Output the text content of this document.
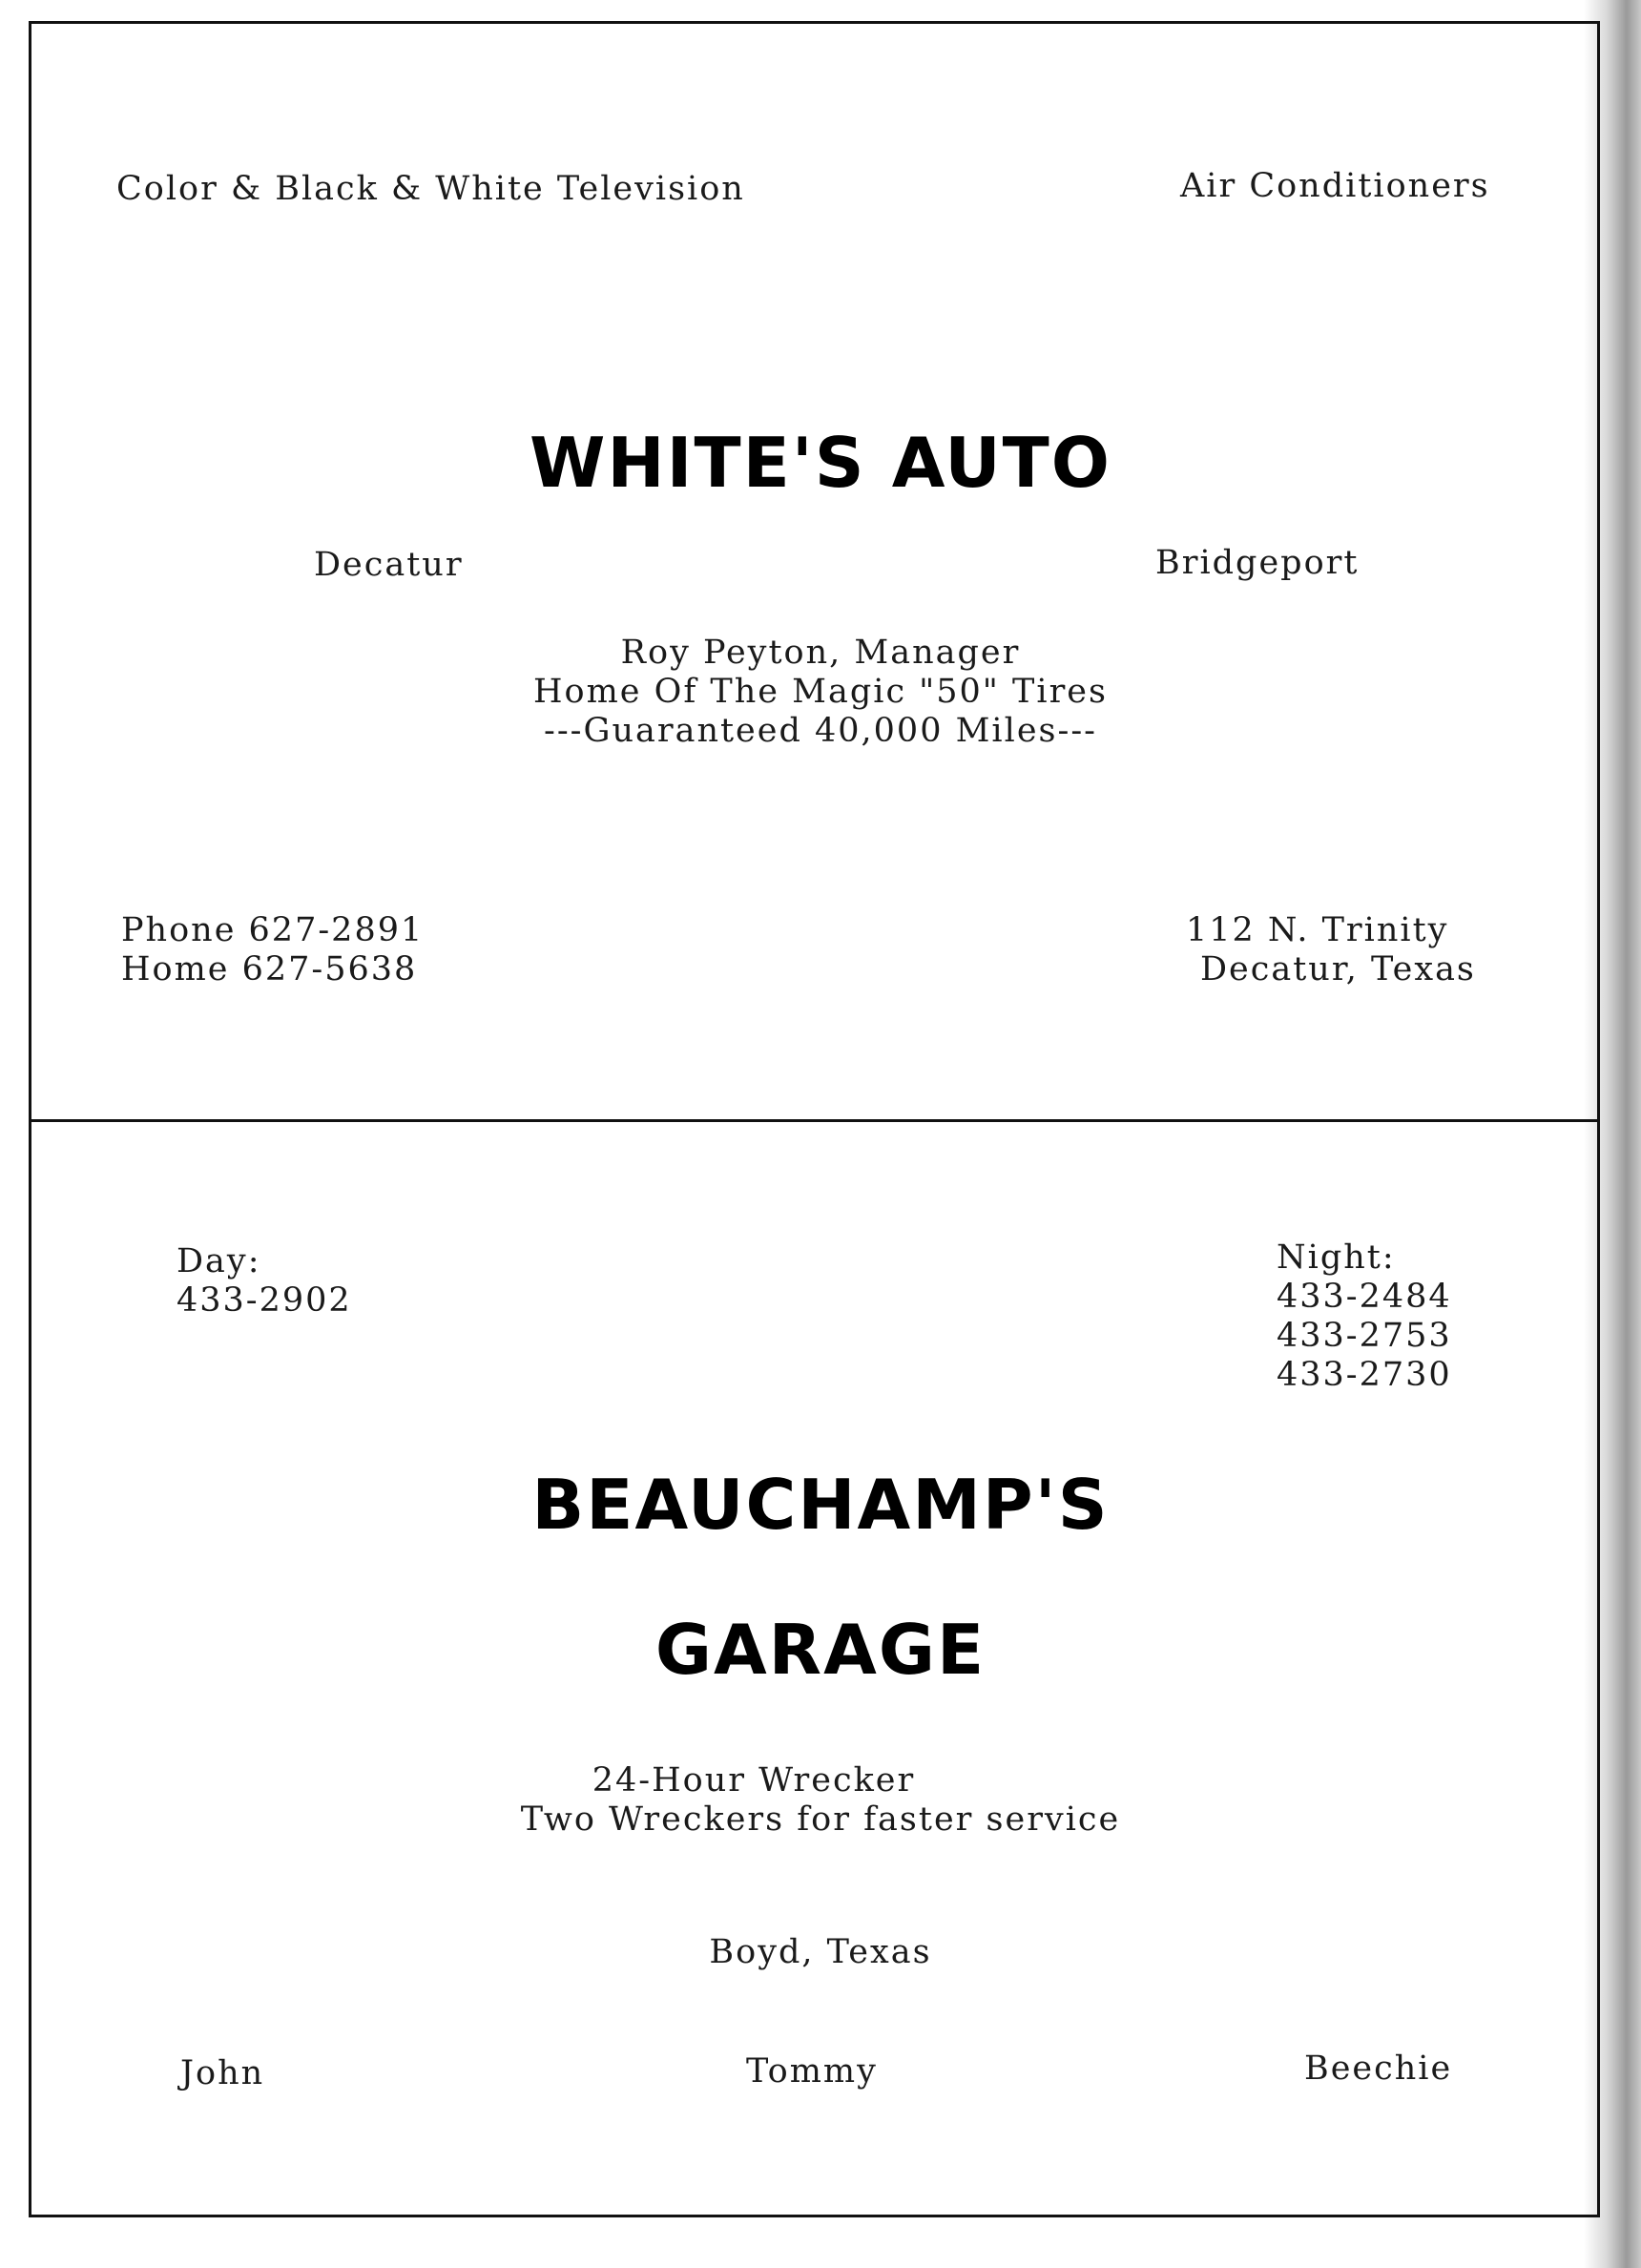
Color & Black & White Television	Air Conditioners
WHITE'S AUTO
Decatur	Bridgeport
Roy Peyton, Manager
Home Of The Magic "50" Tires
---Guaranteed 40,000 Miles---
Phone 627-2891
Home 627-5638
112 N. Trinity
Decatur, Texas
Day:
433-2902
Night:
433-2484
433-2753
433-2730
BEAUCHAMP'S
GARAGE
24-Hour Wrecker
Two Wreckers for faster service
Boyd, Texas
John	Tommy	Beechie
